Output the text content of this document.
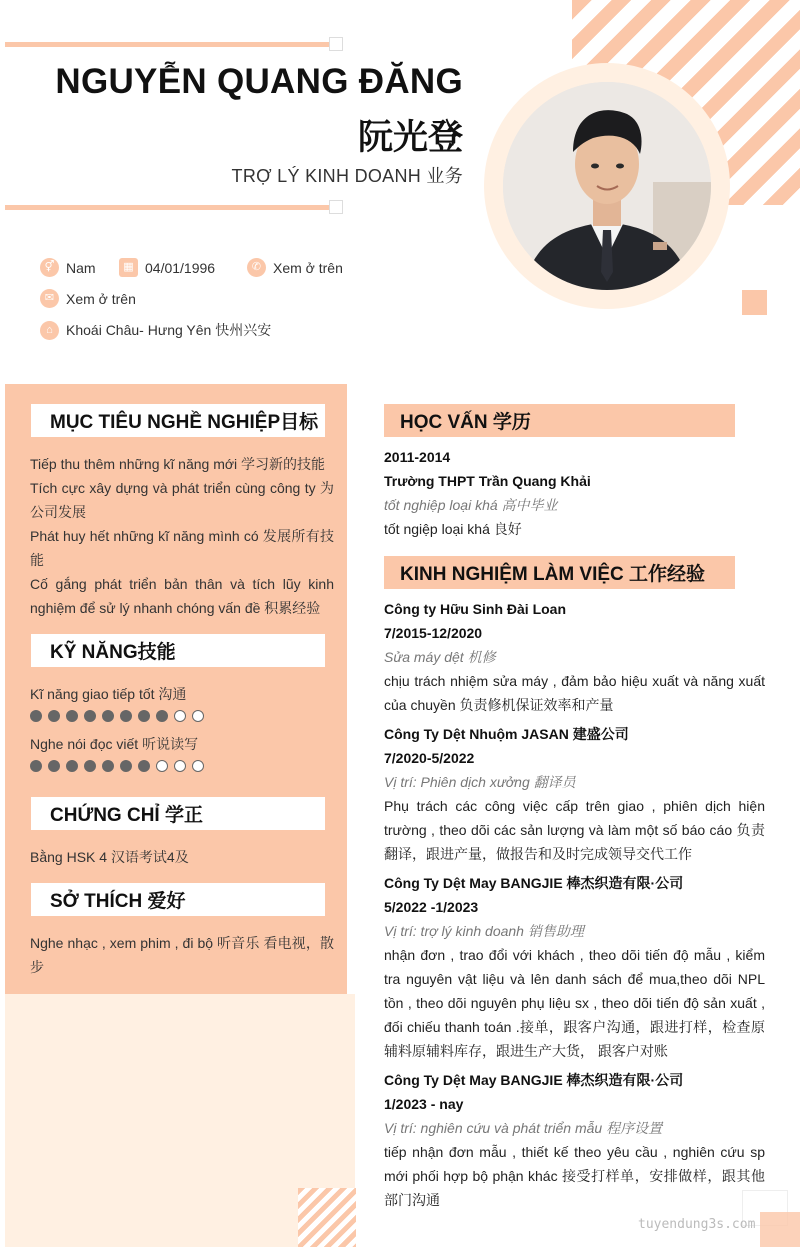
NGUYỄN QUANG ĐĂNG
阮光登
TRỢ LÝ KINH DOANH 业务
⚥ Nam	▦ 04/01/1996	✆ Xem ở trên
✉ Xem ở trên
⌂ Khoái Châu- Hưng Yên 快州兴安
MỤC TIÊU NGHỀ NGHIỆP目标
Tiếp thu thêm những kĩ năng mới 学习新的技能
Tích cực xây dựng và phát triển cùng công ty 为公司发展
Phát huy hết những kĩ năng mình có 发展所有技能
Cố gắng phát triển bản thân và tích lũy kinh nghiệm để sử lý nhanh chóng vấn đề 积累经验
KỸ NĂNG技能
Kĩ năng giao tiếp tốt 沟通
Nghe nói đọc viết 听说读写
CHỨNG CHỈ 学正
Bằng HSK 4 汉语考试4及
SỞ THÍCH 爱好
Nghe nhạc , xem phim , đi bộ 听音乐 看电视，散步
HỌC VẤN 学历
2011-2014
Trường THPT Trần Quang Khải
tốt nghiệp loại khá 高中毕业
tốt ngiệp loại khá 良好
KINH NGHIỆM LÀM VIỆC 工作经验
Công ty Hữu Sinh Đài Loan
7/2015-12/2020
Sửa máy dệt 机修
chịu trách nhiệm sửa máy , đảm bảo hiệu xuất và năng xuất của chuyền 负责修机保证效率和产量
Công Ty Dệt Nhuộm JASAN 建盛公司
7/2020-5/2022
Vị trí: Phiên dịch xưởng 翻译员
Phụ trách các công việc cấp trên giao , phiên dịch hiện trường , theo dõi các sản lượng và làm một số báo cáo 负责翻译，跟进产量，做报告和及时完成领导交代工作
Công Ty Dệt May BANGJIE 棒杰织造有限·公司
5/2022 -1/2023
Vị trí: trợ lý kinh doanh 销售助理
nhận đơn , trao đổi với khách , theo dõi tiến độ mẫu , kiểm tra nguyên vật liệu và lên danh sách để mua,theo dõi NPL tồn , theo dõi nguyên phụ liệu sx , theo dõi tiến độ sản xuất , đối chiếu thanh toán .接单，跟客户沟通，跟进打样，检查原辅料原辅料库存，跟进生产大货， 跟客户对账
Công Ty Dệt May BANGJIE 棒杰织造有限·公司
1/2023 - nay
Vị trí: nghiên cứu và phát triển mẫu 程序设置
tiếp nhận đơn mẫu , thiết kế theo yêu cầu , nghiên cứu sp mới phối hợp bộ phận khác 接受打样单，安排做样，跟其他部门沟通
tuyendung3s.com
